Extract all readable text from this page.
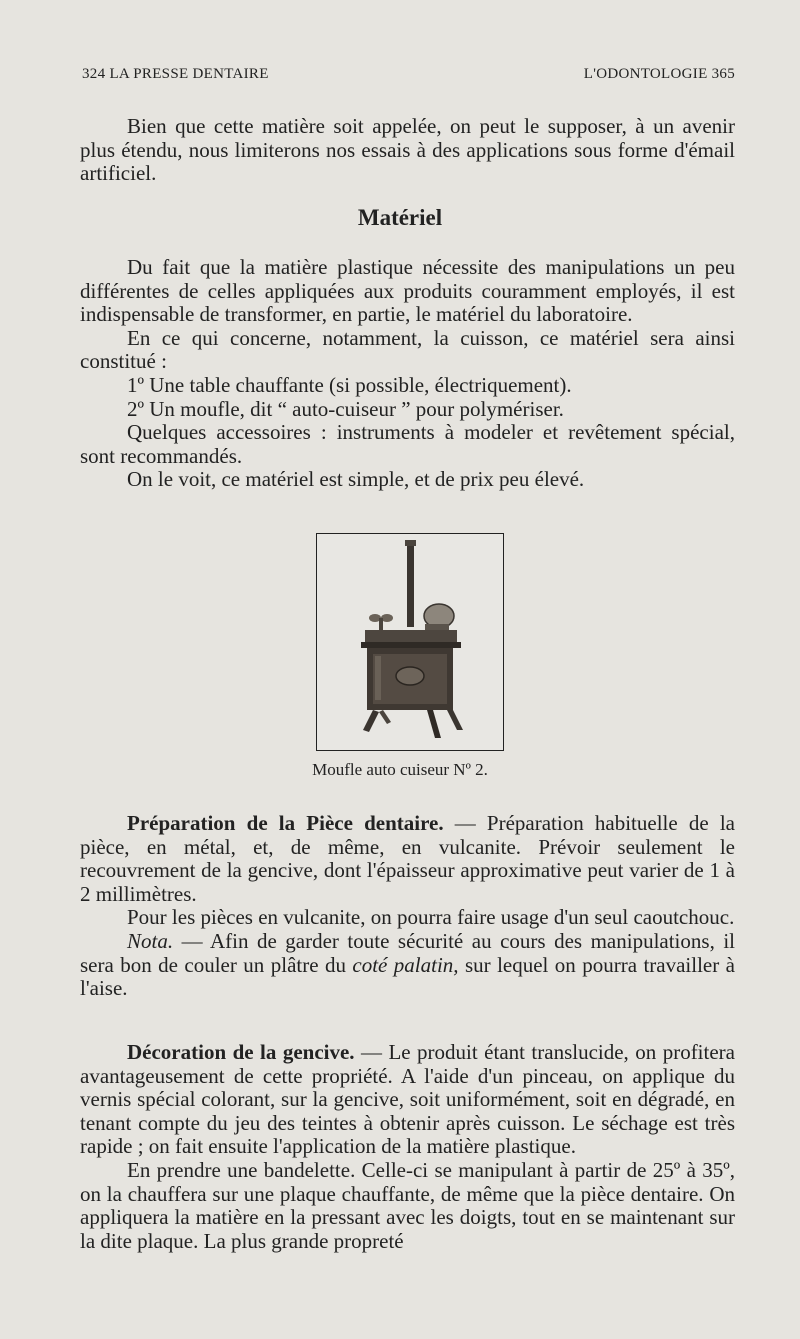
324 LA PRESSE DENTAIRE	L'ODONTOLOGIE 365

Bien que cette matière soit appelée, on peut le supposer, à un avenir plus étendu, nous limiterons nos essais à des applications sous forme d'émail artificiel.

Matériel

Du fait que la matière plastique nécessite des manipulations un peu différentes de celles appliquées aux produits couramment employés, il est indispensable de transformer, en partie, le matériel du laboratoire.

En ce qui concerne, notamment, la cuisson, ce matériel sera ainsi constitué :

1º Une table chauffante (si possible, électriquement).

2º Un moufle, dit “ auto-cuiseur ” pour polymériser.

Quelques accessoires : instruments à modeler et revêtement spécial, sont recommandés.

On le voit, ce matériel est simple, et de prix peu élevé.

Moufle auto cuiseur Nº 2.

Préparation de la Pièce dentaire. — Préparation habituelle de la pièce, en métal, et, de même, en vulcanite. Prévoir seulement le recouvrement de la gencive, dont l'épaisseur approximative peut varier de 1 à 2 millimètres.

Pour les pièces en vulcanite, on pourra faire usage d'un seul caoutchouc.

Nota. — Afin de garder toute sécurité au cours des manipulations, il sera bon de couler un plâtre du coté palatin, sur lequel on pourra travailler à l'aise.

Décoration de la gencive. — Le produit étant translucide, on profitera avantageusement de cette propriété. A l'aide d'un pinceau, on applique du vernis spécial colorant, sur la gencive, soit uniformément, soit en dégradé, en tenant compte du jeu des teintes à obtenir après cuisson. Le séchage est très rapide ; on fait ensuite l'application de la matière plastique.

En prendre une bandelette. Celle-ci se manipulant à partir de 25º à 35º, on la chauffera sur une plaque chauffante, de même que la pièce dentaire. On appliquera la matière en la pressant avec les doigts, tout en se maintenant sur la dite plaque. La plus grande propreté
